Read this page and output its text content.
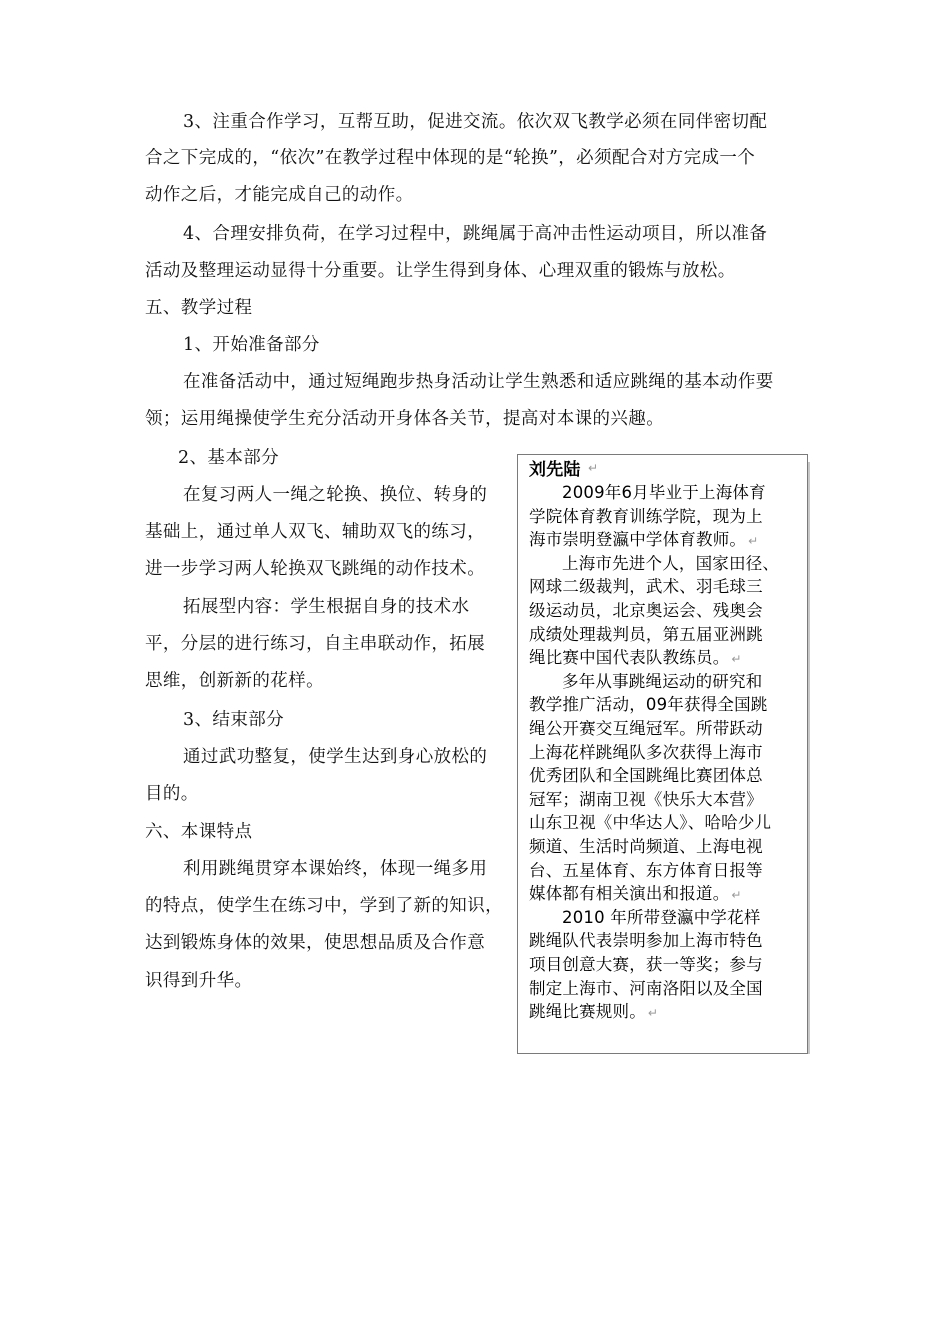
3、注重合作学习，互帮互助，促进交流。依次双飞教学必须在同伴密切配
合之下完成的，“依次”在教学过程中体现的是“轮换”，必须配合对方完成一个
动作之后，才能完成自己的动作。
4、合理安排负荷，在学习过程中，跳绳属于高冲击性运动项目，所以准备
活动及整理运动显得十分重要。让学生得到身体、心理双重的锻炼与放松。
五、教学过程
1、开始准备部分
在准备活动中，通过短绳跑步热身活动让学生熟悉和适应跳绳的基本动作要
领；运用绳操使学生充分活动开身体各关节，提高对本课的兴趣。
2、基本部分
在复习两人一绳之轮换、换位、转身的
基础上，通过单人双飞、辅助双飞的练习，
进一步学习两人轮换双飞跳绳的动作技术。
拓展型内容：学生根据自身的技术水
平，分层的进行练习，自主串联动作，拓展
思维，创新新的花样。
3、结束部分
通过武功整复，使学生达到身心放松的
目的。
六、本课特点
利用跳绳贯穿本课始终，体现一绳多用
的特点，使学生在练习中，学到了新的知识，
达到锻炼身体的效果，使思想品质及合作意
识得到升华。
刘先陆 ↵
2009年6月毕业于上海体育
学院体育教育训练学院，现为上
海市崇明登瀛中学体育教师。 ↵
上海市先进个人，国家田径、
网球二级裁判，武术、羽毛球三
级运动员，北京奥运会、残奥会
成绩处理裁判员，第五届亚洲跳
绳比赛中国代表队教练员。 ↵
多年从事跳绳运动的研究和
教学推广活动，09年获得全国跳
绳公开赛交互绳冠军。所带跃动
上海花样跳绳队多次获得上海市
优秀团队和全国跳绳比赛团体总
冠军；湖南卫视《快乐大本营》
山东卫视《中华达人》、哈哈少儿
频道、生活时尚频道、上海电视
台、五星体育、东方体育日报等
媒体都有相关演出和报道。 ↵
2010 年所带登瀛中学花样
跳绳队代表崇明参加上海市特色
项目创意大赛，获一等奖；参与
制定上海市、河南洛阳以及全国
跳绳比赛规则。 ↵
